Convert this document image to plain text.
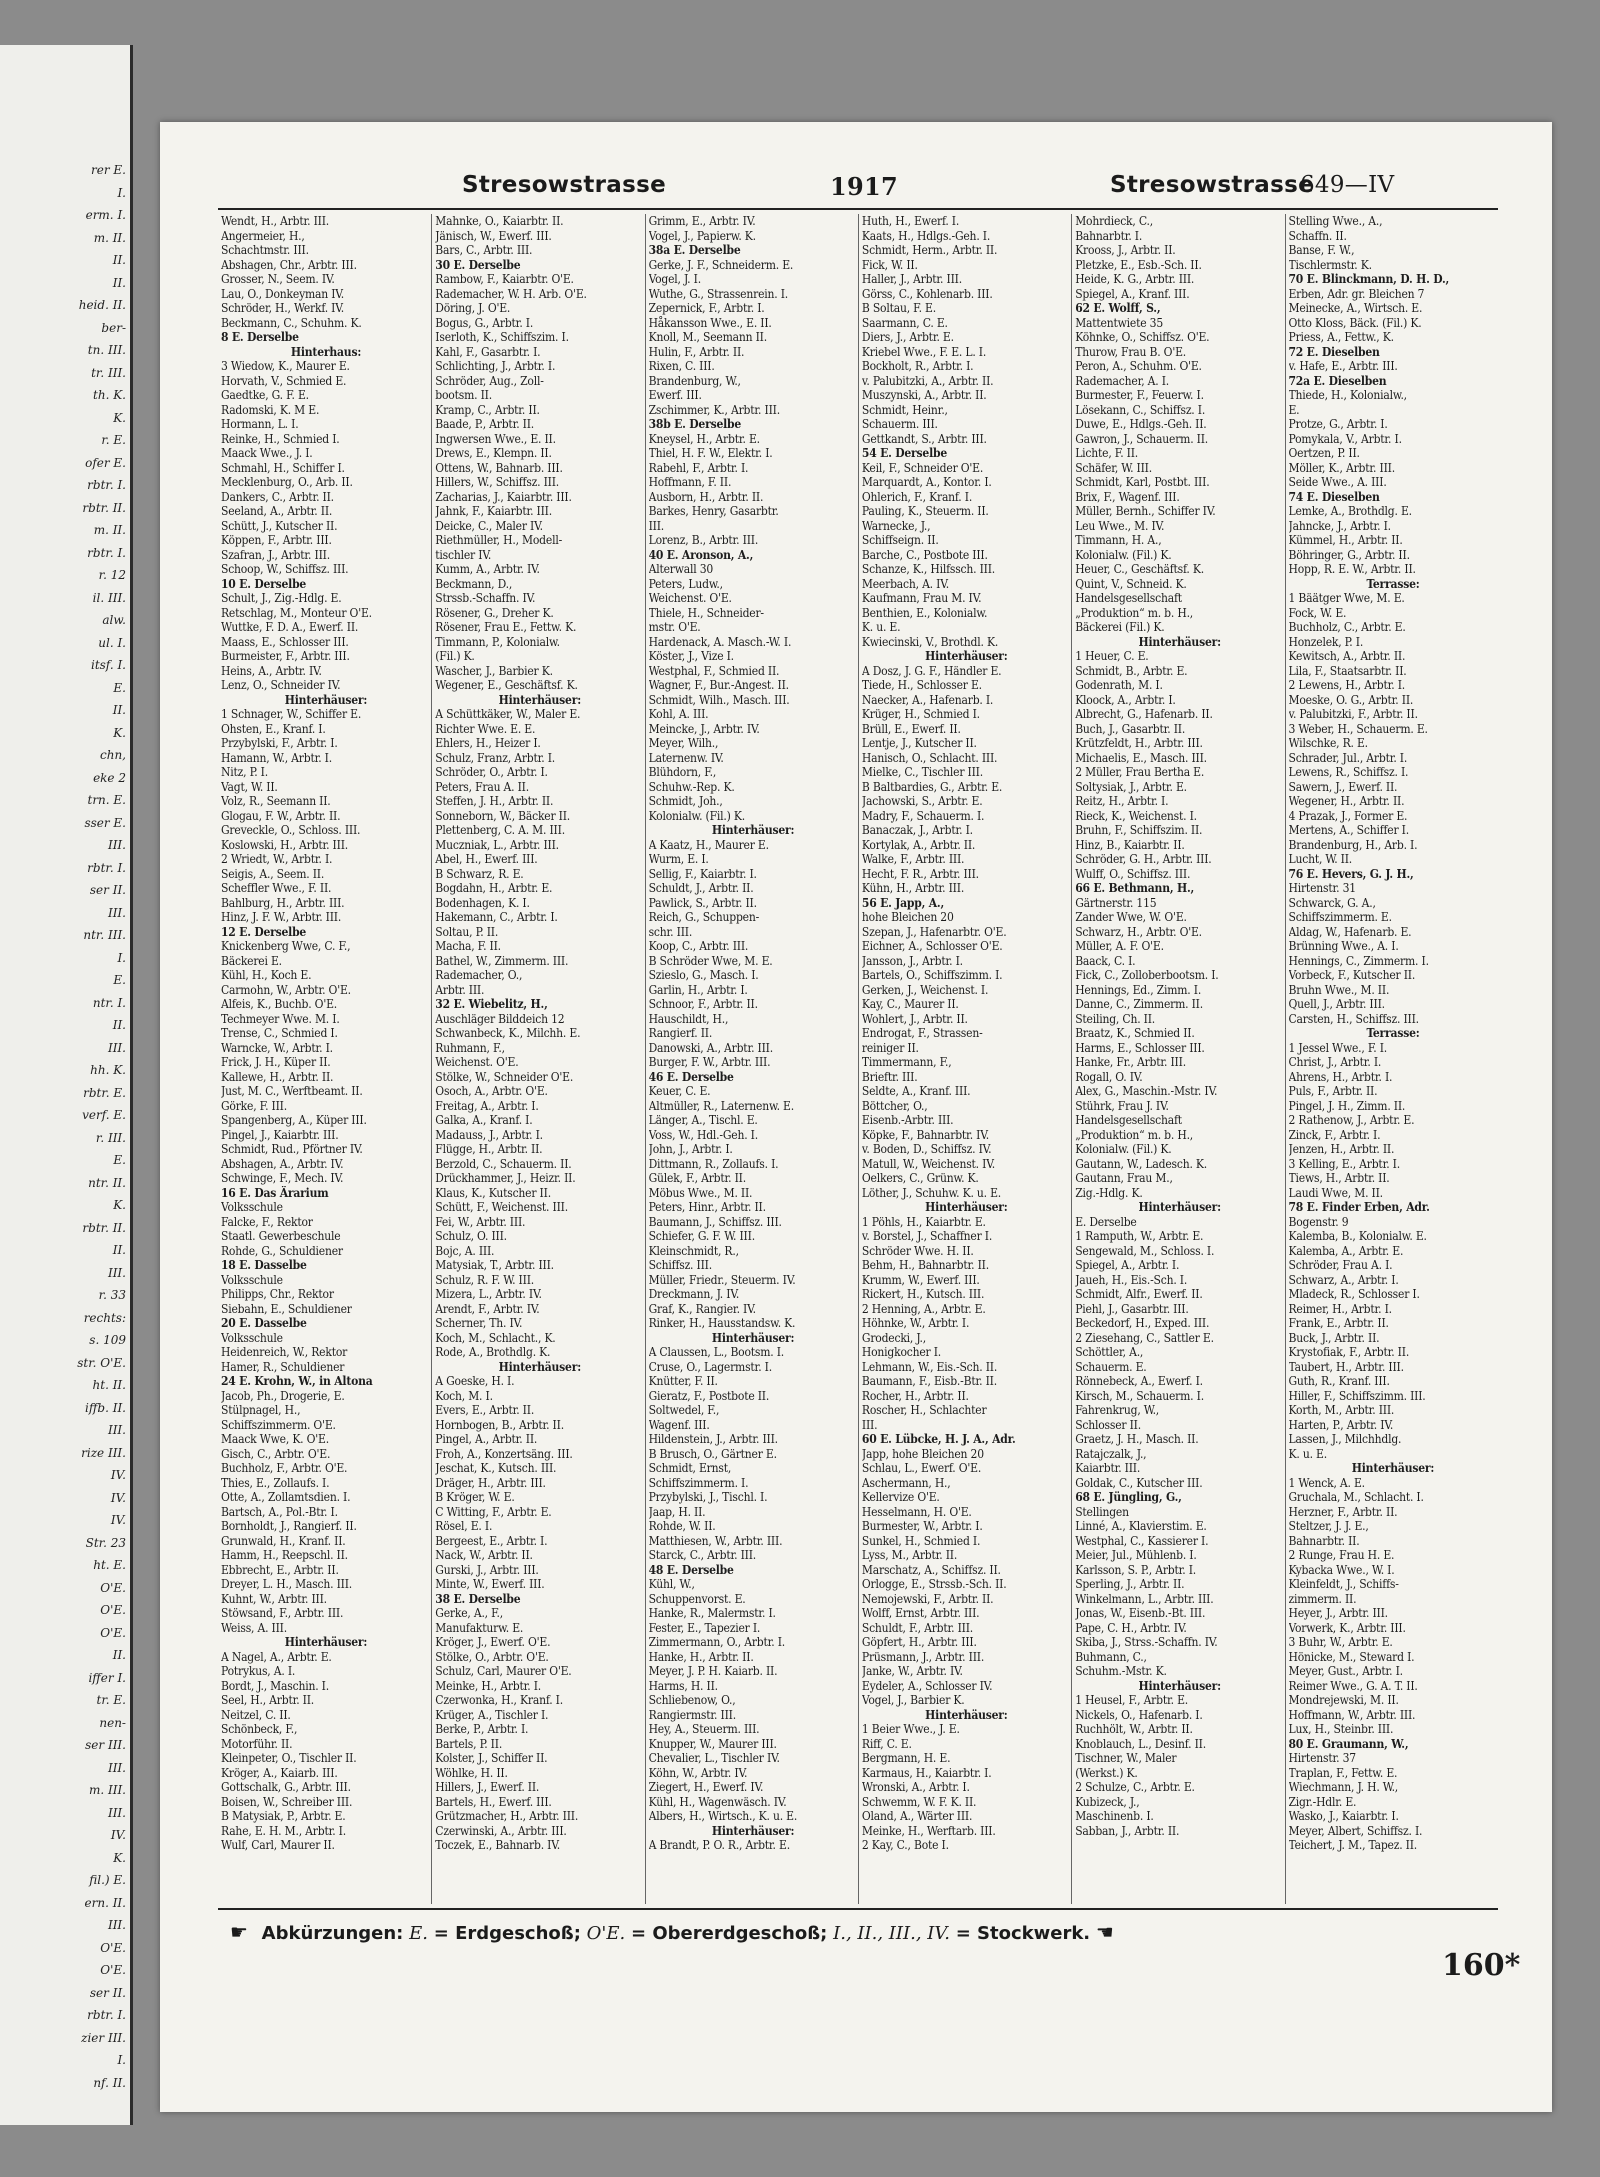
rer E.
I.
erm. I.
m. II.
II.
II.
heid. II.
ber-
tn. III.
tr. III.
th. K.
K.
r. E.
ofer E.
rbtr. I.
rbtr. II.
m. II.
rbtr. I.
r. 12
il. III.
alw.
ul. I.
itsf. I.
E.
II.
K.
chn,
eke 2
trn. E.
sser E.
III.
rbtr. I.
ser II.
III.
ntr. III.
I.
E.
ntr. I.
II.
III.
hh. K.
rbtr. E.
verf. E.
r. III.
E.
ntr. II.
K.
rbtr. II.
II.
III.
r. 33
rechts:
s. 109
str. O'E.
ht. II.
iffb. II.
III.
rize III.
IV.
IV.
IV.
Str. 23
ht. E.
O'E.
O'E.
O'E.
II.
iffer I.
tr. E.
nen-
ser III.
III.
m. III.
III.
IV.
K.
fil.) E.
ern. II.
III.
O'E.
O'E.
ser II.
rbtr. I.
zier III.
I.
nf. II.
Stresowstrasse	1917	Stresowstrasse
649—IV
Wendt, H., Arbtr. III.
Angermeier, H.,
Schachtmstr. III.
Abshagen, Chr., Arbtr. III.
Grosser, N., Seem. IV.
Lau, O., Donkeyman IV.
Schröder, H., Werkf. IV.
Beckmann, C., Schuhm. K.
8 E. Derselbe
Hinterhaus:
3 Wiedow, K., Maurer E.
Horvath, V., Schmied E.
Gaedtke, G. F. E.
Radomski, K. M E.
Hormann, L. I.
Reinke, H., Schmied I.
Maack Wwe., J. I.
Schmahl, H., Schiffer I.
Mecklenburg, O., Arb. II.
Dankers, C., Arbtr. II.
Seeland, A., Arbtr. II.
Schütt, J., Kutscher II.
Köppen, F., Arbtr. III.
Szafran, J., Arbtr. III.
Schoop, W., Schiffsz. III.
10 E. Derselbe
Schult, J., Zig.-Hdlg. E.
Retschlag, M., Monteur O'E.
Wuttke, F. D. A., Ewerf. II.
Maass, E., Schlosser III.
Burmeister, F., Arbtr. III.
Heins, A., Arbtr. IV.
Lenz, O., Schneider IV.
Hinterhäuser:
1 Schnager, W., Schiffer E.
Ohsten, E., Kranf. I.
Przybylski, F., Arbtr. I.
Hamann, W., Arbtr. I.
Nitz, P. I.
Vagt, W. II.
Volz, R., Seemann II.
Glogau, F. W., Arbtr. II.
Greveckle, O., Schloss. III.
Koslowski, H., Arbtr. III.
2 Wriedt, W., Arbtr. I.
Seigis, A., Seem. II.
Scheffler Wwe., F. II.
Bahlburg, H., Arbtr. III.
Hinz, J. F. W., Arbtr. III.
12 E. Derselbe
Knickenberg Wwe, C. F.,
Bäckerei E.
Kühl, H., Koch E.
Carmohn, W., Arbtr. O'E.
Alfeis, K., Buchb. O'E.
Techmeyer Wwe. M. I.
Trense, C., Schmied I.
Warncke, W., Arbtr. I.
Frick, J. H., Küper II.
Kallewe, H., Arbtr. II.
Just, M. C., Werftbeamt. II.
Görke, F. III.
Spangenberg, A., Küper III.
Pingel, J., Kaiarbtr. III.
Schmidt, Rud., Pförtner IV.
Abshagen, A., Arbtr. IV.
Schwinge, F., Mech. IV.
16 E. Das Ärarium
Volksschule
Falcke, F., Rektor
Staatl. Gewerbeschule
Rohde, G., Schuldiener
18 E. Dasselbe
Volksschule
Philipps, Chr., Rektor
Siebahn, E., Schuldiener
20 E. Dasselbe
Volksschule
Heidenreich, W., Rektor
Hamer, R., Schuldiener
24 E. Krohn, W., in Altona
Jacob, Ph., Drogerie, E.
Stülpnagel, H.,
Schiffszimmerm. O'E.
Maack Wwe, K. O'E.
Gisch, C., Arbtr. O'E.
Buchholz, F., Arbtr. O'E.
Thies, E., Zollaufs. I.
Otte, A., Zollamtsdien. I.
Bartsch, A., Pol.-Btr. I.
Bornholdt, J., Rangierf. II.
Grunwald, H., Kranf. II.
Hamm, H., Reepschl. II.
Ebbrecht, E., Arbtr. II.
Dreyer, L. H., Masch. III.
Kuhnt, W., Arbtr. III.
Stöwsand, F., Arbtr. III.
Weiss, A. III.
Hinterhäuser:
A Nagel, A., Arbtr. E.
Potrykus, A. I.
Bordt, J., Maschin. I.
Seel, H., Arbtr. II.
Neitzel, C. II.
Schönbeck, F.,
Motorführ. II.
Kleinpeter, O., Tischler II.
Kröger, A., Kaiarb. III.
Gottschalk, G., Arbtr. III.
Boisen, W., Schreiber III.
B Matysiak, P., Arbtr. E.
Rahe, E. H. M., Arbtr. I.
Wulf, Carl, Maurer II.
Mahnke, O., Kaiarbtr. II.
Jänisch, W., Ewerf. III.
Bars, C., Arbtr. III.
30 E. Derselbe
Rambow, F., Kaiarbtr. O'E.
Rademacher, W. H. Arb. O'E.
Döring, J. O'E.
Bogus, G., Arbtr. I.
Iserloth, K., Schiffszim. I.
Kahl, F., Gasarbtr. I.
Schlichting, J., Arbtr. I.
Schröder, Aug., Zoll-
bootsm. II.
Kramp, C., Arbtr. II.
Baade, P., Arbtr. II.
Ingwersen Wwe., E. II.
Drews, E., Klempn. II.
Ottens, W., Bahnarb. III.
Hillers, W., Schiffsz. III.
Zacharias, J., Kaiarbtr. III.
Jahnk, F., Kaiarbtr. III.
Deicke, C., Maler IV.
Riethmüller, H., Modell-
tischler IV.
Kumm, A., Arbtr. IV.
Beckmann, D.,
Strssb.-Schaffn. IV.
Rösener, G., Dreher K.
Rösener, Frau E., Fettw. K.
Timmann, P., Kolonialw.
(Fil.) K.
Wascher, J., Barbier K.
Wegener, E., Geschäftsf. K.
Hinterhäuser:
A Schüttkäker, W., Maler E.
Richter Wwe. E. E.
Ehlers, H., Heizer I.
Schulz, Franz, Arbtr. I.
Schröder, O., Arbtr. I.
Peters, Frau A. II.
Steffen, J. H., Arbtr. II.
Sonneborn, W., Bäcker II.
Plettenberg, C. A. M. III.
Muczniak, L., Arbtr. III.
Abel, H., Ewerf. III.
B Schwarz, R. E.
Bogdahn, H., Arbtr. E.
Bodenhagen, K. I.
Hakemann, C., Arbtr. I.
Soltau, P. II.
Macha, F. II.
Bathel, W., Zimmerm. III.
Rademacher, O.,
Arbtr. III.
32 E. Wiebelitz, H.,
Auschläger Bilddeich 12
Schwanbeck, K., Milchh. E.
Ruhmann, F.,
Weichenst. O'E.
Stölke, W., Schneider O'E.
Osoch, A., Arbtr. O'E.
Freitag, A., Arbtr. I.
Galka, A., Kranf. I.
Madauss, J., Arbtr. I.
Flügge, H., Arbtr. II.
Berzold, C., Schauerm. II.
Drückhammer, J., Heizr. II.
Klaus, K., Kutscher II.
Schütt, F., Weichenst. III.
Fei, W., Arbtr. III.
Schulz, O. III.
Bojc, A. III.
Matysiak, T., Arbtr. III.
Schulz, R. F. W. III.
Mizera, L., Arbtr. IV.
Arendt, F., Arbtr. IV.
Scherner, Th. IV.
Koch, M., Schlacht., K.
Rode, A., Brothdlg. K.
Hinterhäuser:
A Goeske, H. I.
Koch, M. I.
Evers, E., Arbtr. II.
Hornbogen, B., Arbtr. II.
Pingel, A., Arbtr. II.
Froh, A., Konzertsäng. III.
Jeschat, K., Kutsch. III.
Dräger, H., Arbtr. III.
B Kröger, W. E.
C Witting, F., Arbtr. E.
Rösel, E. I.
Bergeest, E., Arbtr. I.
Nack, W., Arbtr. II.
Gurski, J., Arbtr. III.
Minte, W., Ewerf. III.
38 E. Derselbe
Gerke, A., F.,
Manufakturw. E.
Kröger, J., Ewerf. O'E.
Stölke, O., Arbtr. O'E.
Schulz, Carl, Maurer O'E.
Meinke, H., Arbtr. I.
Czerwonka, H., Kranf. I.
Krüger, A., Tischler I.
Berke, P., Arbtr. I.
Bartels, P. II.
Kolster, J., Schiffer II.
Wöhlke, H. II.
Hillers, J., Ewerf. II.
Bartels, H., Ewerf. III.
Grützmacher, H., Arbtr. III.
Czerwinski, A., Arbtr. III.
Toczek, E., Bahnarb. IV.
Grimm, E., Arbtr. IV.
Vogel, J., Papierw. K.
38a E. Derselbe
Gerke, J. F., Schneiderm. E.
Vogel, J. I.
Wuthe, G., Strassenrein. I.
Zepernick, F., Arbtr. I.
Håkansson Wwe., E. II.
Knoll, M., Seemann II.
Hulin, F., Arbtr. II.
Rixen, C. III.
Brandenburg, W.,
Ewerf. III.
Zschimmer, K., Arbtr. III.
38b E. Derselbe
Kneysel, H., Arbtr. E.
Thiel, H. F. W., Elektr. I.
Rabehl, F., Arbtr. I.
Hoffmann, F. II.
Ausborn, H., Arbtr. II.
Barkes, Henry, Gasarbtr.
III.
Lorenz, B., Arbtr. III.
40 E. Aronson, A.,
Alterwall 30
Peters, Ludw.,
Weichenst. O'E.
Thiele, H., Schneider-
mstr. O'E.
Hardenack, A. Masch.-W. I.
Köster, J., Vize I.
Westphal, F., Schmied II.
Wagner, F., Bur.-Angest. II.
Schmidt, Wilh., Masch. III.
Kohl, A. III.
Meincke, J., Arbtr. IV.
Meyer, Wilh.,
Laternenw. IV.
Blühdorn, F.,
Schuhw.-Rep. K.
Schmidt, Joh.,
Kolonialw. (Fil.) K.
Hinterhäuser:
A Kaatz, H., Maurer E.
Wurm, E. I.
Sellig, F., Kaiarbtr. I.
Schuldt, J., Arbtr. II.
Pawlick, S., Arbtr. II.
Reich, G., Schuppen-
schr. III.
Koop, C., Arbtr. III.
B Schröder Wwe, M. E.
Szieslo, G., Masch. I.
Garlin, H., Arbtr. I.
Schnoor, F., Arbtr. II.
Hauschildt, H.,
Rangierf. II.
Danowski, A., Arbtr. III.
Burger, F. W., Arbtr. III.
46 E. Derselbe
Keuer, C. E.
Altmüller, R., Laternenw. E.
Länger, A., Tischl. E.
Voss, W., Hdl.-Geh. I.
John, J., Arbtr. I.
Dittmann, R., Zollaufs. I.
Gülek, F., Arbtr. II.
Möbus Wwe., M. II.
Peters, Hinr., Arbtr. II.
Baumann, J., Schiffsz. III.
Schiefer, G. F. W. III.
Kleinschmidt, R.,
Schiffsz. III.
Müller, Friedr., Steuerm. IV.
Dreckmann, J. IV.
Graf, K., Rangier. IV.
Rinker, H., Hausstandsw. K.
Hinterhäuser:
A Claussen, L., Bootsm. I.
Cruse, O., Lagermstr. I.
Knütter, F. II.
Gieratz, F., Postbote II.
Soltwedel, F.,
Wagenf. III.
Hildenstein, J., Arbtr. III.
B Brusch, O., Gärtner E.
Schmidt, Ernst,
Schiffszimmerm. I.
Przybylski, J., Tischl. I.
Jaap, H. II.
Rohde, W. II.
Matthiesen, W., Arbtr. III.
Starck, C., Arbtr. III.
48 E. Derselbe
Kühl, W.,
Schuppenvorst. E.
Hanke, R., Malermstr. I.
Fester, E., Tapezier I.
Zimmermann, O., Arbtr. I.
Hanke, H., Arbtr. II.
Meyer, J. P. H. Kaiarb. II.
Harms, H. II.
Schliebenow, O.,
Rangiermstr. III.
Hey, A., Steuerm. III.
Knupper, W., Maurer III.
Chevalier, L., Tischler IV.
Köhn, W., Arbtr. IV.
Ziegert, H., Ewerf. IV.
Kühl, H., Wagenwäsch. IV.
Albers, H., Wirtsch., K. u. E.
Hinterhäuser:
A Brandt, P. O. R., Arbtr. E.
Huth, H., Ewerf. I.
Kaats, H., Hdlgs.-Geh. I.
Schmidt, Herm., Arbtr. II.
Fick, W. II.
Haller, J., Arbtr. III.
Görss, C., Kohlenarb. III.
B Soltau, F. E.
Saarmann, C. E.
Diers, J., Arbtr. E.
Kriebel Wwe., F. E. L. I.
Bockholt, R., Arbtr. I.
v. Palubitzki, A., Arbtr. II.
Muszynski, A., Arbtr. II.
Schmidt, Heinr.,
Schauerm. III.
Gettkandt, S., Arbtr. III.
54 E. Derselbe
Keil, F., Schneider O'E.
Marquardt, A., Kontor. I.
Ohlerich, F., Kranf. I.
Pauling, K., Steuerm. II.
Warnecke, J.,
Schiffseign. II.
Barche, C., Postbote III.
Schanze, K., Hilfssch. III.
Meerbach, A. IV.
Kaufmann, Frau M. IV.
Benthien, E., Kolonialw.
K. u. E.
Kwiecinski, V., Brothdl. K.
Hinterhäuser:
A Dosz, J. G. F., Händler E.
Tiede, H., Schlosser E.
Naecker, A., Hafenarb. I.
Krüger, H., Schmied I.
Brüll, E., Ewerf. II.
Lentje, J., Kutscher II.
Hanisch, O., Schlacht. III.
Mielke, C., Tischler III.
B Baltbardies, G., Arbtr. E.
Jachowski, S., Arbtr. E.
Madry, F., Schauerm. I.
Banaczak, J., Arbtr. I.
Kortylak, A., Arbtr. II.
Walke, F., Arbtr. III.
Hecht, F. R., Arbtr. III.
Kühn, H., Arbtr. III.
56 E. Japp, A.,
hohe Bleichen 20
Szepan, J., Hafenarbtr. O'E.
Eichner, A., Schlosser O'E.
Jansson, J., Arbtr. I.
Bartels, O., Schiffszimm. I.
Gerken, J., Weichenst. I.
Kay, C., Maurer II.
Wohlert, J., Arbtr. II.
Endrogat, F., Strassen-
reiniger II.
Timmermann, F.,
Brieftr. III.
Seldte, A., Kranf. III.
Böttcher, O.,
Eisenb.-Arbtr. III.
Köpke, F., Bahnarbtr. IV.
v. Boden, D., Schiffsz. IV.
Matull, W., Weichenst. IV.
Oelkers, C., Grünw. K.
Löther, J., Schuhw. K. u. E.
Hinterhäuser:
1 Pöhls, H., Kaiarbtr. E.
v. Borstel, J., Schaffner I.
Schröder Wwe. H. II.
Behm, H., Bahnarbtr. II.
Krumm, W., Ewerf. III.
Rickert, H., Kutsch. III.
2 Henning, A., Arbtr. E.
Höhnke, W., Arbtr. I.
Grodecki, J.,
Honigkocher I.
Lehmann, W., Eis.-Sch. II.
Baumann, F., Eisb.-Btr. II.
Rocher, H., Arbtr. II.
Roscher, H., Schlachter
III.
60 E. Lübcke, H. J. A., Adr.
Japp, hohe Bleichen 20
Schlau, L., Ewerf. O'E.
Aschermann, H.,
Kellervize O'E.
Hesselmann, H. O'E.
Burmester, W., Arbtr. I.
Sunkel, H., Schmied I.
Lyss, M., Arbtr. II.
Marschatz, A., Schiffsz. II.
Orlogge, E., Strssb.-Sch. II.
Nemojewski, F., Arbtr. II.
Wolff, Ernst, Arbtr. III.
Schuldt, F., Arbtr. III.
Göpfert, H., Arbtr. III.
Prüsmann, J., Arbtr. III.
Janke, W., Arbtr. IV.
Eydeler, A., Schlosser IV.
Vogel, J., Barbier K.
Hinterhäuser:
1 Beier Wwe., J. E.
Riff, C. E.
Bergmann, H. E.
Karmaus, H., Kaiarbtr. I.
Wronski, A., Arbtr. I.
Schwemm, W. F. K. II.
Oland, A., Wärter III.
Meinke, H., Werftarb. III.
2 Kay, C., Bote I.
Mohrdieck, C.,
Bahnarbtr. I.
Krooss, J., Arbtr. II.
Pletzke, E., Esb.-Sch. II.
Heide, K. G., Arbtr. III.
Spiegel, A., Kranf. III.
62 E. Wolff, S.,
Mattentwiete 35
Köhnke, O., Schiffsz. O'E.
Thurow, Frau B. O'E.
Peron, A., Schuhm. O'E.
Rademacher, A. I.
Burmester, F., Feuerw. I.
Lösekann, C., Schiffsz. I.
Duwe, E., Hdlgs.-Geh. II.
Gawron, J., Schauerm. II.
Lichte, F. II.
Schäfer, W. III.
Schmidt, Karl, Postbt. III.
Brix, F., Wagenf. III.
Müller, Bernh., Schiffer IV.
Leu Wwe., M. IV.
Timmann, H. A.,
Kolonialw. (Fil.) K.
Heuer, C., Geschäftsf. K.
Quint, V., Schneid. K.
Handelsgesellschaft
„Produktion“ m. b. H.,
Bäckerei (Fil.) K.
Hinterhäuser:
1 Heuer, C. E.
Schmidt, B., Arbtr. E.
Godenrath, M. I.
Kloock, A., Arbtr. I.
Albrecht, G., Hafenarb. II.
Buch, J., Gasarbtr. II.
Krützfeldt, H., Arbtr. III.
Michaelis, E., Masch. III.
2 Müller, Frau Bertha E.
Soltysiak, J., Arbtr. E.
Reitz, H., Arbtr. I.
Rieck, K., Weichenst. I.
Bruhn, F., Schiffszim. II.
Hinz, B., Kaiarbtr. II.
Schröder, G. H., Arbtr. III.
Wulff, O., Schiffsz. III.
66 E. Bethmann, H.,
Gärtnerstr. 115
Zander Wwe, W. O'E.
Schwarz, H., Arbtr. O'E.
Müller, A. F. O'E.
Baack, C. I.
Fick, C., Zolloberbootsm. I.
Hennings, Ed., Zimm. I.
Danne, C., Zimmerm. II.
Steiling, Ch. II.
Braatz, K., Schmied II.
Harms, E., Schlosser III.
Hanke, Fr., Arbtr. III.
Rogall, O. IV.
Alex, G., Maschin.-Mstr. IV.
Stührk, Frau J. IV.
Handelsgesellschaft
„Produktion“ m. b. H.,
Kolonialw. (Fil.) K.
Gautann, W., Ladesch. K.
Gautann, Frau M.,
Zig.-Hdlg. K.
Hinterhäuser:
E. Derselbe
1 Ramputh, W., Arbtr. E.
Sengewald, M., Schloss. I.
Spiegel, A., Arbtr. I.
Jaueh, H., Eis.-Sch. I.
Schmidt, Alfr., Ewerf. II.
Piehl, J., Gasarbtr. III.
Beckedorf, H., Exped. III.
2 Ziesehang, C., Sattler E.
Schöttler, A.,
Schauerm. E.
Rönnebeck, A., Ewerf. I.
Kirsch, M., Schauerm. I.
Fahrenkrug, W.,
Schlosser II.
Graetz, J. H., Masch. II.
Ratajczalk, J.,
Kaiarbtr. III.
Goldak, C., Kutscher III.
68 E. Jüngling, G.,
Stellingen
Linné, A., Klavierstim. E.
Westphal, C., Kassierer I.
Meier, Jul., Mühlenb. I.
Karlsson, S. P., Arbtr. I.
Sperling, J., Arbtr. II.
Winkelmann, L., Arbtr. III.
Jonas, W., Eisenb.-Bt. III.
Pape, C. H., Arbtr. IV.
Skiba, J., Strss.-Schaffn. IV.
Buhmann, C.,
Schuhm.-Mstr. K.
Hinterhäuser:
1 Heusel, F., Arbtr. E.
Nickels, O., Hafenarb. I.
Ruchhölt, W., Arbtr. II.
Knoblauch, L., Desinf. II.
Tischner, W., Maler
(Werkst.) K.
2 Schulze, C., Arbtr. E.
Kubizeck, J.,
Maschinenb. I.
Sabban, J., Arbtr. II.
Stelling Wwe., A.,
Schaffn. II.
Banse, F. W.,
Tischlermstr. K.
70 E. Blinckmann, D. H. D.,
Erben, Adr. gr. Bleichen 7
Meinecke, A., Wirtsch. E.
Otto Kloss, Bäck. (Fil.) K.
Priess, A., Fettw., K.
72 E. Dieselben
v. Hafe, E., Arbtr. III.
72a E. Dieselben
Thiede, H., Kolonialw.,
E.
Protze, G., Arbtr. I.
Pomykala, V., Arbtr. I.
Oertzen, P. II.
Möller, K., Arbtr. III.
Seide Wwe., A. III.
74 E. Dieselben
Lemke, A., Brothdlg. E.
Jahncke, J., Arbtr. I.
Kümmel, H., Arbtr. II.
Böhringer, G., Arbtr. II.
Hopp, R. E. W., Arbtr. II.
Terrasse:
1 Bäätger Wwe, M. E.
Fock, W. E.
Buchholz, C., Arbtr. E.
Honzelek, P. I.
Kewitsch, A., Arbtr. II.
Lila, F., Staatsarbtr. II.
2 Lewens, H., Arbtr. I.
Moeske, O. G., Arbtr. II.
v. Palubitzki, F., Arbtr. II.
3 Weber, H., Schauerm. E.
Wilschke, R. E.
Schrader, Jul., Arbtr. I.
Lewens, R., Schiffsz. I.
Sawern, J., Ewerf. II.
Wegener, H., Arbtr. II.
4 Prazak, J., Former E.
Mertens, A., Schiffer I.
Brandenburg, H., Arb. I.
Lucht, W. II.
76 E. Hevers, G. J. H.,
Hirtenstr. 31
Schwarck, G. A.,
Schiffszimmerm. E.
Aldag, W., Hafenarb. E.
Brünning Wwe., A. I.
Hennings, C., Zimmerm. I.
Vorbeck, F., Kutscher II.
Bruhn Wwe., M. II.
Quell, J., Arbtr. III.
Carsten, H., Schiffsz. III.
Terrasse:
1 Jessel Wwe., F. I.
Christ, J., Arbtr. I.
Ahrens, H., Arbtr. I.
Puls, F., Arbtr. II.
Pingel, J. H., Zimm. II.
2 Rathenow, J., Arbtr. E.
Zinck, F., Arbtr. I.
Jenzen, H., Arbtr. II.
3 Kelling, E., Arbtr. I.
Tiews, H., Arbtr. II.
Laudi Wwe, M. II.
78 E. Finder Erben, Adr.
Bogenstr. 9
Kalemba, B., Kolonialw. E.
Kalemba, A., Arbtr. E.
Schröder, Frau A. I.
Schwarz, A., Arbtr. I.
Mladeck, R., Schlosser I.
Reimer, H., Arbtr. I.
Frank, E., Arbtr. II.
Buck, J., Arbtr. II.
Krystofiak, F., Arbtr. II.
Taubert, H., Arbtr. III.
Guth, R., Kranf. III.
Hiller, F., Schiffszimm. III.
Korth, M., Arbtr. III.
Harten, P., Arbtr. IV.
Lassen, J., Milchhdlg.
K. u. E.
Hinterhäuser:
1 Wenck, A. E.
Gruchala, M., Schlacht. I.
Herzner, F., Arbtr. II.
Steltzer, J. J. E.,
Bahnarbtr. II.
2 Runge, Frau H. E.
Kybacka Wwe., W. I.
Kleinfeldt, J., Schiffs-
zimmerm. II.
Heyer, J., Arbtr. III.
Vorwerk, K., Arbtr. III.
3 Buhr, W., Arbtr. E.
Hönicke, M., Steward I.
Meyer, Gust., Arbtr. I.
Reimer Wwe., G. A. T. II.
Mondrejewski, M. II.
Hoffmann, W., Arbtr. III.
Lux, H., Steinbr. III.
80 E. Graumann, W.,
Hirtenstr. 37
Traplan, F., Fettw. E.
Wiechmann, J. H. W.,
Zigr.-Hdlr. E.
Wasko, J., Kaiarbtr. I.
Meyer, Albert, Schiffsz. I.
Teichert, J. M., Tapez. II.
☛ Abkürzungen: E. = Erdgeschoß; O'E. = Obererdgeschoß; I., II., III., IV. = Stockwerk. ☚
160*
